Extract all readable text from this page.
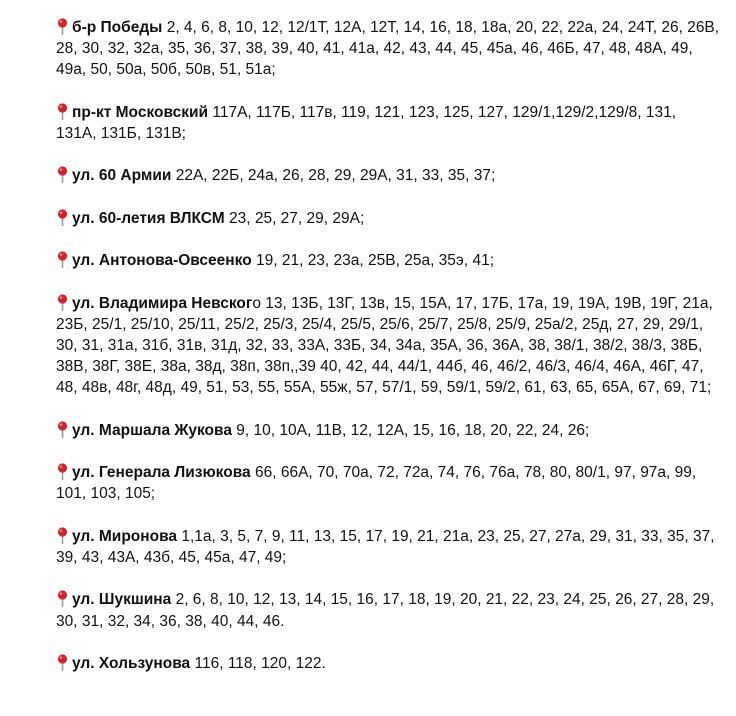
б-р Победы 2, 4, 6, 8, 10, 12, 12/1Т, 12А, 12Т, 14, 16, 18, 18а, 20, 22, 22а, 24, 24Т, 26, 26В, 28, 30, 32, 32а, 35, 36, 37, 38, 39, 40, 41, 41а, 42, 43, 44, 45, 45а, 46, 46Б, 47, 48, 48А, 49, 49а, 50, 50а, 50б, 50в, 51, 51а;
пр-кт Московский 117А, 117Б, 117в, 119, 121, 123, 125, 127, 129/1,129/2,129/8, 131, 131А, 131Б, 131В;
ул. 60 Армии 22А, 22Б, 24а, 26, 28, 29, 29А, 31, 33, 35, 37;
ул. 60-летия ВЛКСМ 23, 25, 27, 29, 29А;
ул. Антонова-Овсеенко 19, 21, 23, 23а, 25В, 25а, 35э, 41;
ул. Владимира Невского 13, 13Б, 13Г, 13в, 15, 15А, 17, 17Б, 17а, 19, 19А, 19В, 19Г, 21а, 23Б, 25/1, 25/10, 25/11, 25/2, 25/3, 25/4, 25/5, 25/6, 25/7, 25/8, 25/9, 25а/2, 25д, 27, 29, 29/1, 30, 31, 31а, 31б, 31в, 31д, 32, 33, 33А, 33Б, 34, 34а, 35А, 36, 36А, 38, 38/1, 38/2, 38/3, 38Б, 38В, 38Г, 38Е, 38а, 38д, 38п, 38п,,39 40, 42, 44, 44/1, 44б, 46, 46/2, 46/3, 46/4, 46А, 46Г, 47, 48, 48в, 48г, 48д, 49, 51, 53, 55, 55А, 55ж, 57, 57/1, 59, 59/1, 59/2, 61, 63, 65, 65А, 67, 69, 71;
ул. Маршала Жукова 9, 10, 10А, 11В, 12, 12А, 15, 16, 18, 20, 22, 24, 26;
ул. Генерала Лизюкова 66, 66А, 70, 70а, 72, 72а, 74, 76, 76а, 78, 80, 80/1, 97, 97а, 99, 101, 103, 105;
ул. Миронова 1,1а, 3, 5, 7, 9, 11, 13, 15, 17, 19, 21, 21а, 23, 25, 27, 27а, 29, 31, 33, 35, 37, 39, 43, 43А, 43б, 45, 45а, 47, 49;
ул. Шукшина 2, 6, 8, 10, 12, 13, 14, 15, 16, 17, 18, 19, 20, 21, 22, 23, 24, 25, 26, 27, 28, 29, 30, 31, 32, 34, 36, 38, 40, 44, 46.
ул. Хользунова 116, 118, 120, 122.
